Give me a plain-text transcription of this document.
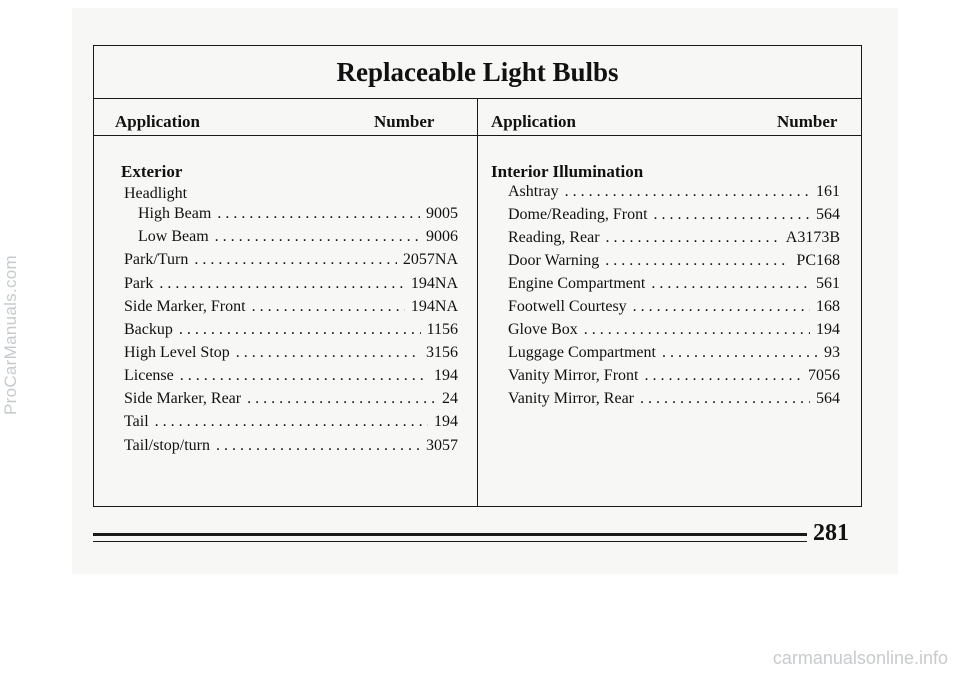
Replaceable Light Bulbs
Application	Number	Application	Number
Exterior
Headlight
Interior Illumination
High Beam . . .	9005
Low Beam . . .	9006
Park/Turn . . .	2057NA
Park . . .	194NA
Side Marker, Front . . .	194NA
Backup . . .	1156
High Level Stop . . .	3156
License . . .	194
Side Marker, Rear . . .	24
Tail . . .	194
Tail/stop/turn . . .	3057
Ashtray . . .	161
Dome/Reading, Front . . .	564
Reading, Rear . . .	A3173B
Door Warning . . .	PC168
Engine Compartment . . .	561
Footwell Courtesy . . .	168
Glove Box . . .	194
Luggage Compartment . . .	93
Vanity Mirror, Front . . .	7056
Vanity Mirror, Rear . . .	564
281
ProCarManuals.com
carmanualsonline.info
